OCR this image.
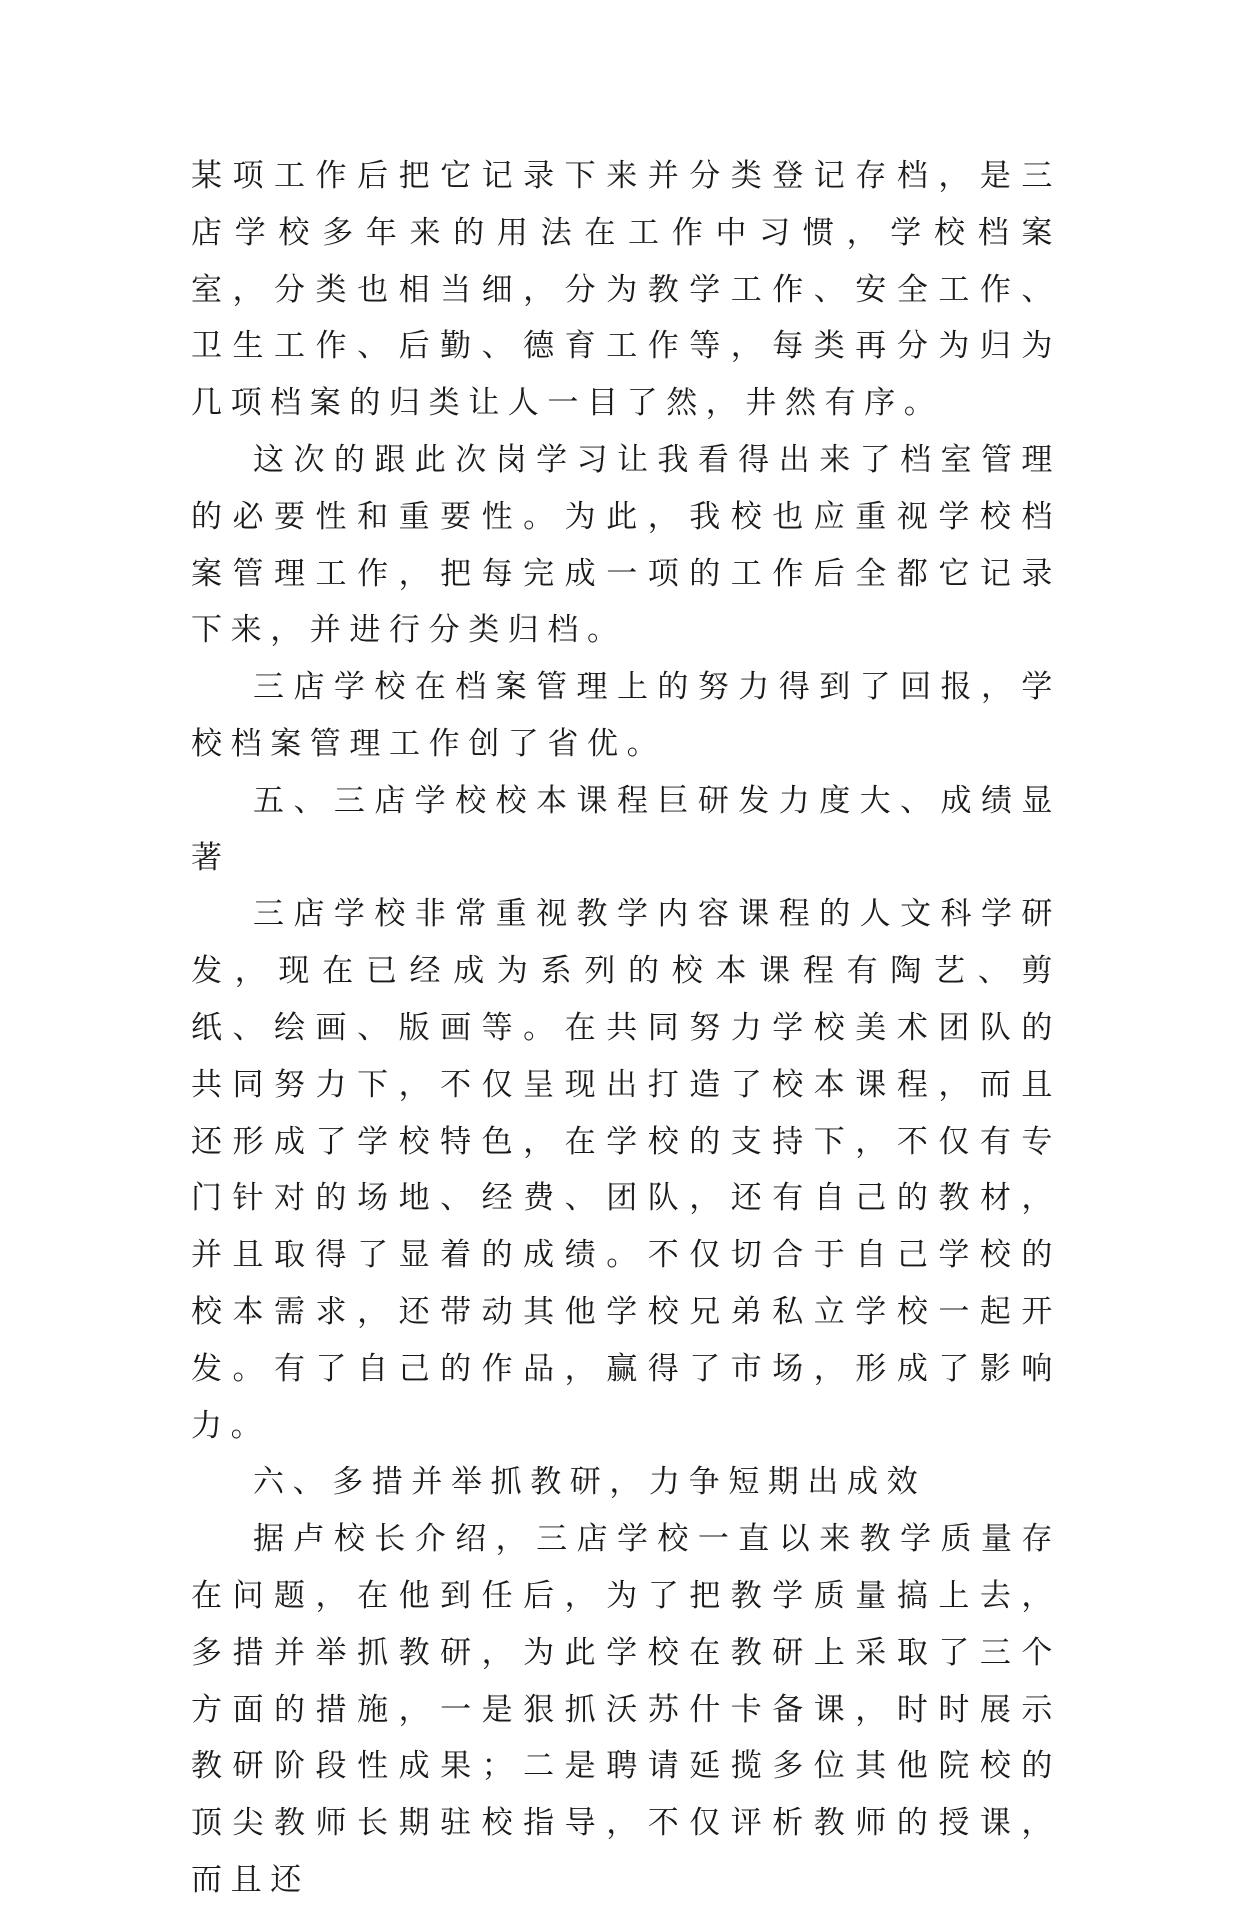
某项工作后把它记录下来并分类登记存档，是三店学校多年来的用法在工作中习惯，学校档案室，分类也相当细，分为教学工作、安全工作、卫生工作、后勤、德育工作等，每类再分为归为几项档案的归类让人一目了然，井然有序。

这次的跟此次岗学习让我看得出来了档室管理的必要性和重要性。为此，我校也应重视学校档案管理工作，把每完成一项的工作后全都它记录下来，并进行分类归档。

三店学校在档案管理上的努力得到了回报，学校档案管理工作创了省优。

五、三店学校校本课程巨研发力度大、成绩显著

三店学校非常重视教学内容课程的人文科学研发，现在已经成为系列的校本课程有陶艺、剪纸、绘画、版画等。在共同努力学校美术团队的共同努力下，不仅呈现出打造了校本课程，而且还形成了学校特色，在学校的支持下，不仅有专门针对的场地、经费、团队，还有自己的教材，并且取得了显着的成绩。不仅切合于自己学校的校本需求，还带动其他学校兄弟私立学校一起开发。有了自己的作品，赢得了市场，形成了影响力。

六、多措并举抓教研，力争短期出成效

据卢校长介绍，三店学校一直以来教学质量存在问题，在他到任后，为了把教学质量搞上去，多措并举抓教研，为此学校在教研上采取了三个方面的措施，一是狠抓沃苏什卡备课，时时展示教研阶段性成果；二是聘请延揽多位其他院校的顶尖教师长期驻校指导，不仅评析教师的授课，而且还
